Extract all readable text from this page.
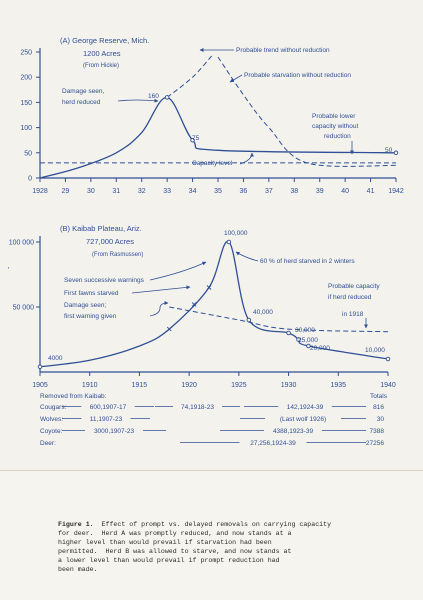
0
50
100
150
200
250
1928 29	30	31	32	33	34	35	36	37	38	39	40	41 1942
(A) George Reserve, Mich.
1200 Acres
(From Hickie)
160
75
50
Probable trend without reduction
Probable starvation without reduction
Damage seen,
herd reduced
Probable lower
capacity without
reduction
Capacity level
'
100 000
50 000
1905	1910	1915	1920	1925	1930	1935	1940
(B) Kaibab Plateau, Ariz.
727,000 Acres
(From Rasmussen)
100,000
4000
40,000
30,000
25,000
20,000	10,000
60 % of herd starved in 2 winters
Seven successive warnings
First fawns starved
Damage seen;
first warning given
Probable capacity
if herd reduced
in 1918
Removed from Kaibab:	Totals
Cougars:	600,1907-17	74,1918-23	142,1924-39	816
Wolves:	11,1907-23	(Last wolf 1926)	30
Coyote:	3000,1907-23	4388,1923-39	7388
Deer:	27,256,1924-39	27256
Figure 1.  Effect of prompt vs. delayed removals on carrying capacity
for deer.  Herd A was promptly reduced, and now stands at a
higher level than would prevail if starvation had been
permitted.  Herd B was allowed to starve, and now stands at
a lower level than would prevail if prompt reduction had
been made.
